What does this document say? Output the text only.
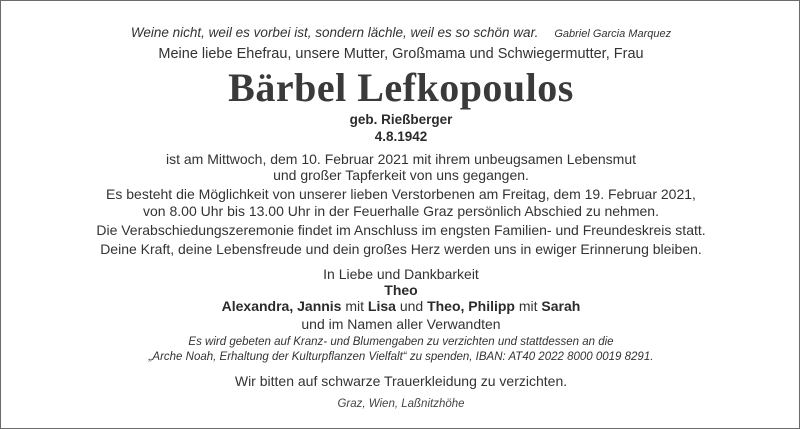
Weine nicht, weil es vorbei ist, sondern lächle, weil es so schön war. Gabriel Garcia Marquez
Meine liebe Ehefrau, unsere Mutter, Großmama und Schwiegermutter, Frau
Bärbel Lefkopoulos
geb. Rießberger
4.8.1942
ist am Mittwoch, dem 10. Februar 2021 mit ihrem unbeugsamen Lebensmut
und großer Tapferkeit von uns gegangen.
Es besteht die Möglichkeit von unserer lieben Verstorbenen am Freitag, dem 19. Februar 2021,
von 8.00 Uhr bis 13.00 Uhr in der Feuerhalle Graz persönlich Abschied zu nehmen.
Die Verabschiedungszeremonie findet im Anschluss im engsten Familien- und Freundeskreis statt.
Deine Kraft, deine Lebensfreude und dein großes Herz werden uns in ewiger Erinnerung bleiben.
In Liebe und Dankbarkeit
Theo
Alexandra, Jannis mit Lisa und Theo, Philipp mit Sarah
und im Namen aller Verwandten
Es wird gebeten auf Kranz- und Blumengaben zu verzichten und stattdessen an die
„Arche Noah, Erhaltung der Kulturpflanzen Vielfalt“ zu spenden, IBAN: AT40 2022 8000 0019 8291.
Wir bitten auf schwarze Trauerkleidung zu verzichten.
Graz, Wien, Laßnitzhöhe
